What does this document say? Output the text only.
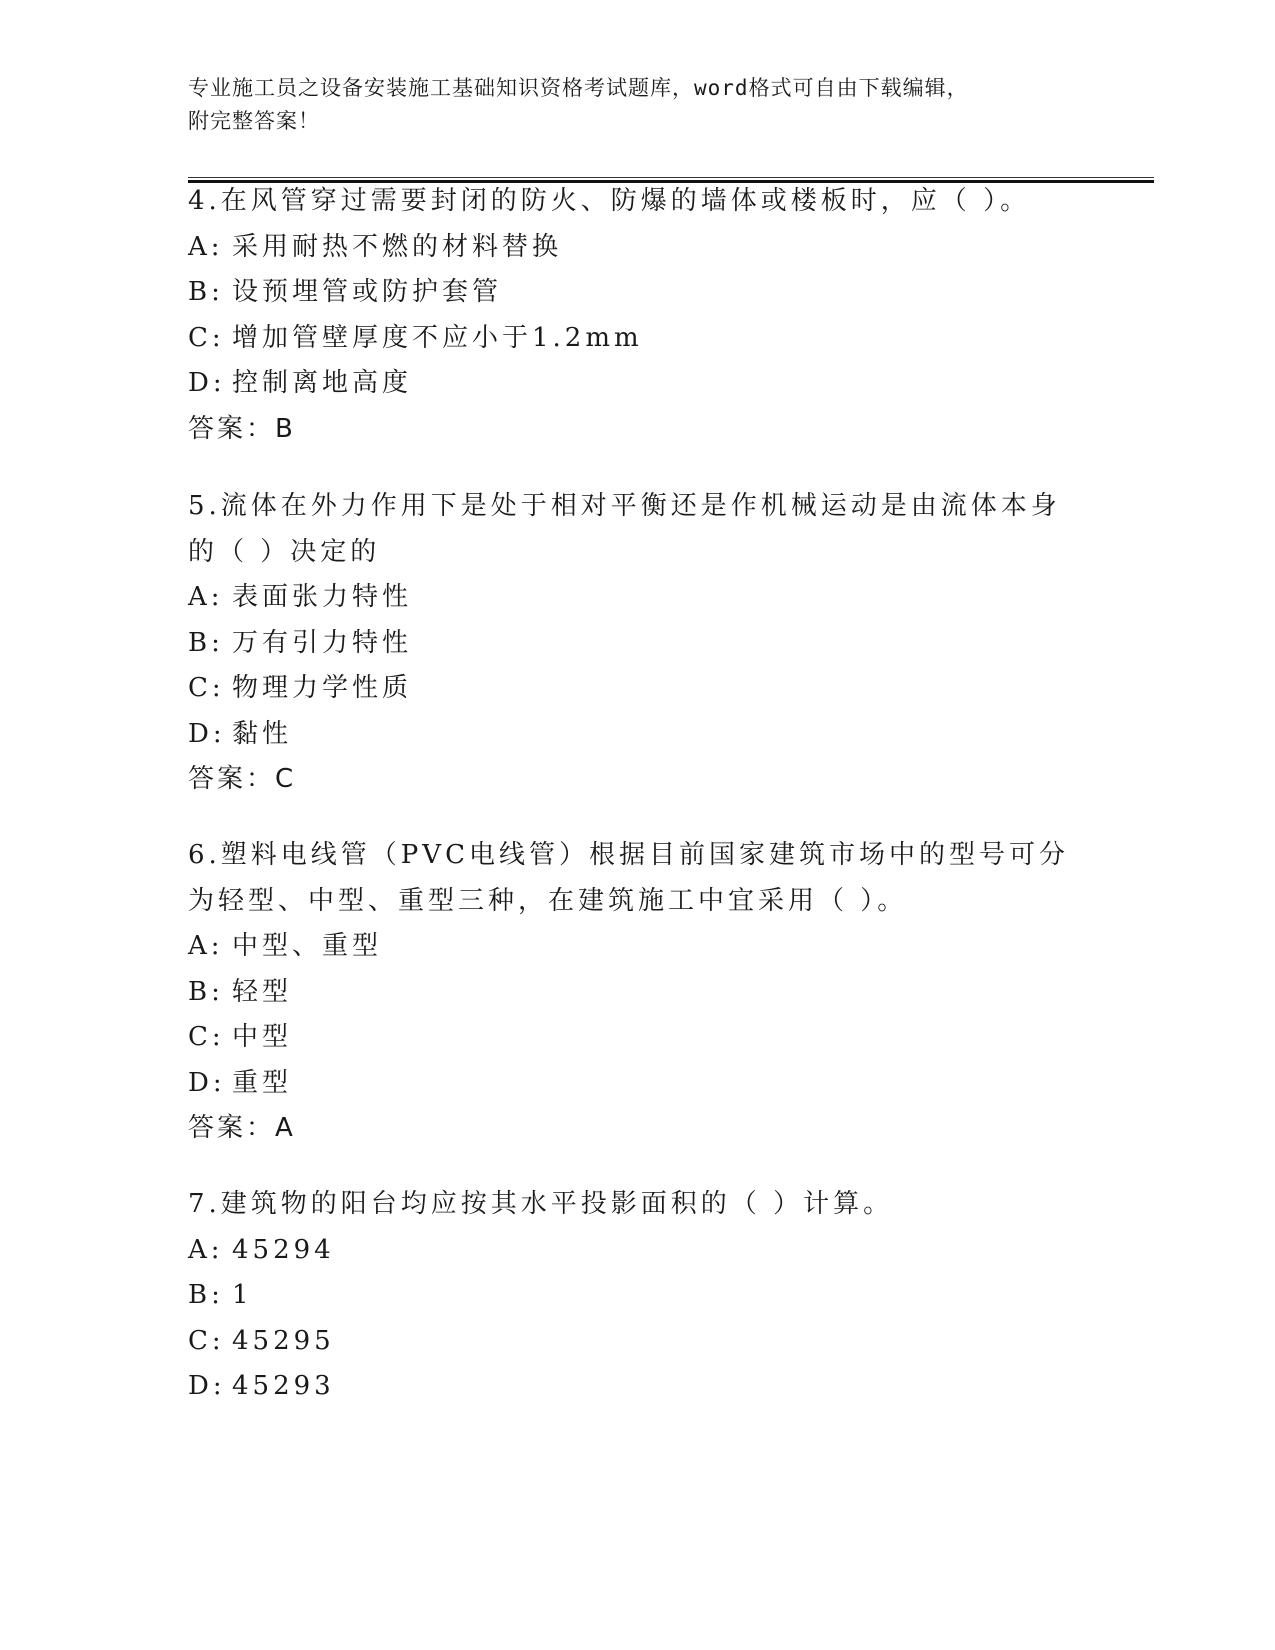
专业施工员之设备安装施工基础知识资格考试题库，word格式可自由下载编辑，
附完整答案！
4.在风管穿过需要封闭的防火、防爆的墙体或楼板时，应（ ）。
A: 采用耐热不燃的材料替换
B: 设预埋管或防护套管
C: 增加管壁厚度不应小于1.2mm
D: 控制离地高度
答案：B
5.流体在外力作用下是处于相对平衡还是作机械运动是由流体本身的（ ）决定的
A: 表面张力特性
B: 万有引力特性
C: 物理力学性质
D: 黏性
答案：C
6.塑料电线管（PVC电线管）根据目前国家建筑市场中的型号可分为轻型、中型、重型三种，在建筑施工中宜采用（ ）。
A: 中型、重型
B: 轻型
C: 中型
D: 重型
答案：A
7.建筑物的阳台均应按其水平投影面积的（ ）计算。
A: 45294
B: 1
C: 45295
D: 45293
